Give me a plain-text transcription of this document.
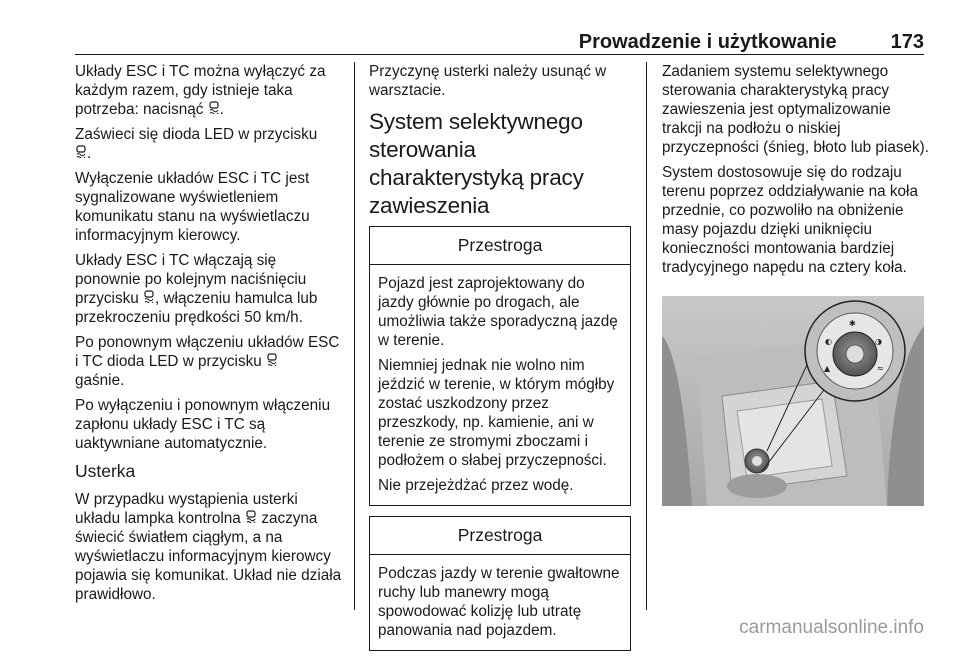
Prowadzenie i użytkowanie	173

Układy ESC i TC można wyłączyć za każdym razem, gdy istnieje taka potrzeba: nacisnąć .

Zaświeci się dioda LED w przycisku
.

Wyłączenie układów ESC i TC jest sygnalizowane wyświetleniem komunikatu stanu na wyświetlaczu informacyjnym kierowcy.

Układy ESC i TC włączają się ponownie po kolejnym naciśnięciu przycisku , włączeniu hamulca lub przekroczeniu prędkości 50 km/h.

Po ponownym włączeniu układów ESC i TC dioda LED w przycisku
gaśnie.

Po wyłączeniu i ponownym włączeniu zapłonu układy ESC i TC są uaktywniane automatycznie.

Usterka

W przypadku wystąpienia usterki układu lampka kontrolna zaczyna świecić światłem ciągłym, a na wyświetlaczu informacyjnym kierowcy pojawia się komunikat. Układ nie działa prawidłowo.

Przyczynę usterki należy usunąć w warsztacie.

System selektywnego sterowania charakterystyką pracy zawieszenia
Przestroga

Pojazd jest zaprojektowany do jazdy głównie po drogach, ale umożliwia także sporadyczną jazdę w terenie.

Niemniej jednak nie wolno nim jeździć w terenie, w którym mógłby zostać uszkodzony przez przeszkody, np. kamienie, ani w terenie ze stromymi zboczami i podłożem o słabej przyczepności.

Nie przejeżdżać przez wodę.

Przestroga

Podczas jazdy w terenie gwałtowne ruchy lub manewry mogą spowodować kolizję lub utratę panowania nad pojazdem.

Zadaniem systemu selektywnego sterowania charakterystyką pracy zawieszenia jest optymalizowanie trakcji na podłożu o niskiej przyczepności (śnieg, błoto lub piasek).

System dostosowuje się do rodzaju terenu poprzez oddziaływanie na koła przednie, co pozwoliło na obniżenie masy pojazdu dzięki uniknięciu konieczności montowania bardziej tradycyjnego napędu na cztery koła.

✱
◐	◑
▲	≈
carmanualsonline.info
